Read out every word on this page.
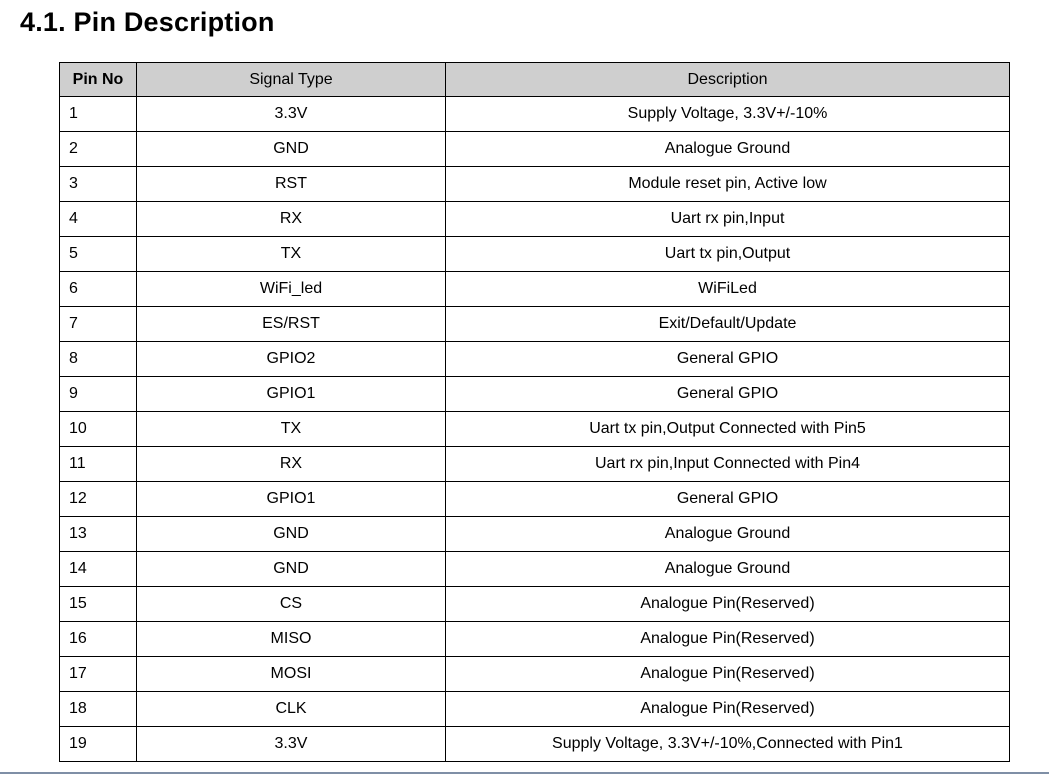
4.1. Pin Description
Pin No	Signal Type	Description
1	3.3V	Supply Voltage, 3.3V+/-10%
2	GND	Analogue Ground
3	RST	Module reset pin, Active low
4	RX	Uart rx pin,Input
5	TX	Uart tx pin,Output
6	WiFi_led	WiFiLed
7	ES/RST	Exit/Default/Update
8	GPIO2	General GPIO
9	GPIO1	General GPIO
10	TX	Uart tx pin,Output Connected with Pin5
11	RX	Uart rx pin,Input Connected with Pin4
12	GPIO1	General GPIO
13	GND	Analogue Ground
14	GND	Analogue Ground
15	CS	Analogue Pin(Reserved)
16	MISO	Analogue Pin(Reserved)
17	MOSI	Analogue Pin(Reserved)
18	CLK	Analogue Pin(Reserved)
19	3.3V	Supply Voltage, 3.3V+/-10%,Connected with Pin1
